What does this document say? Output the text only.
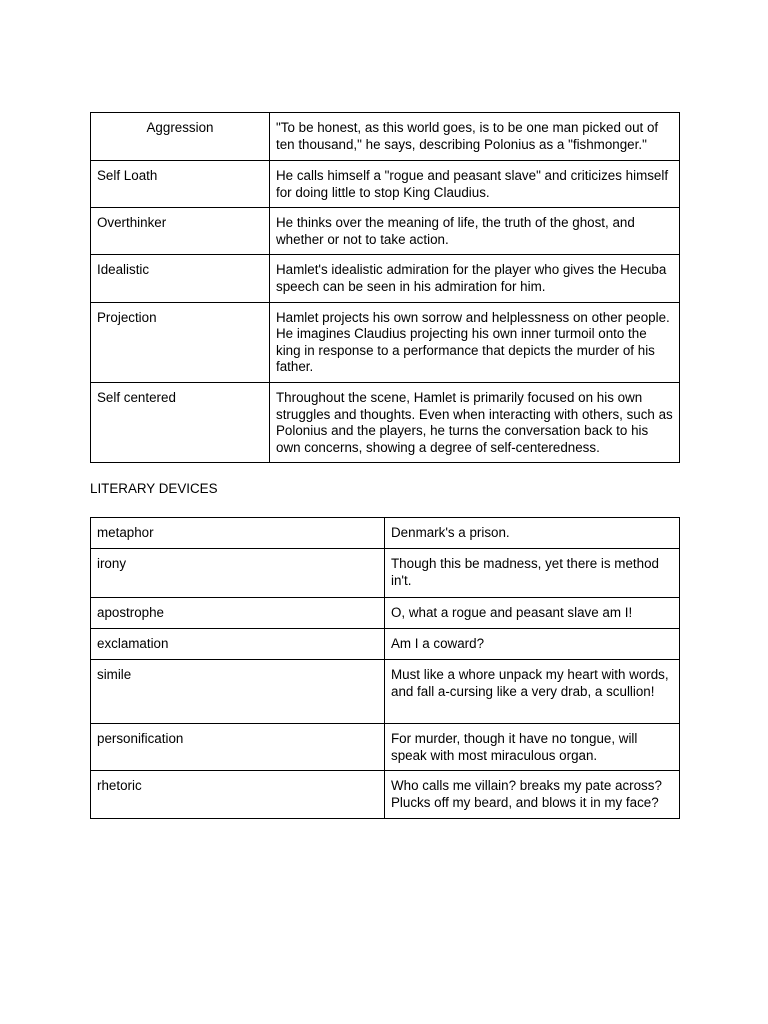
Aggression	"To be honest, as this world goes, is to be one man picked out of ten thousand," he says, describing Polonius as a "fishmonger."
Self Loath	He calls himself a "rogue and peasant slave" and criticizes himself for doing little to stop King Claudius.
Overthinker	He thinks over the meaning of life, the truth of the ghost, and whether or not to take action.
Idealistic	Hamlet's idealistic admiration for the player who gives the Hecuba speech can be seen in his admiration for him.
Projection	Hamlet projects his own sorrow and helplessness on other people. He imagines Claudius projecting his own inner turmoil onto the king in response to a performance that depicts the murder of his father.
Self centered	Throughout the scene, Hamlet is primarily focused on his own struggles and thoughts. Even when interacting with others, such as Polonius and the players, he turns the conversation back to his own concerns, showing a degree of self-centeredness.
LITERARY DEVICES
metaphor	Denmark's a prison.
irony	Though this be madness, yet there is method in't.
apostrophe	O, what a rogue and peasant slave am I!
exclamation	Am I a coward?
simile	Must like a whore unpack my heart with words, and fall a-cursing like a very drab, a scullion!
personification	For murder, though it have no tongue, will speak with most miraculous organ.
rhetoric	Who calls me villain? breaks my pate across? Plucks off my beard, and blows it in my face?
